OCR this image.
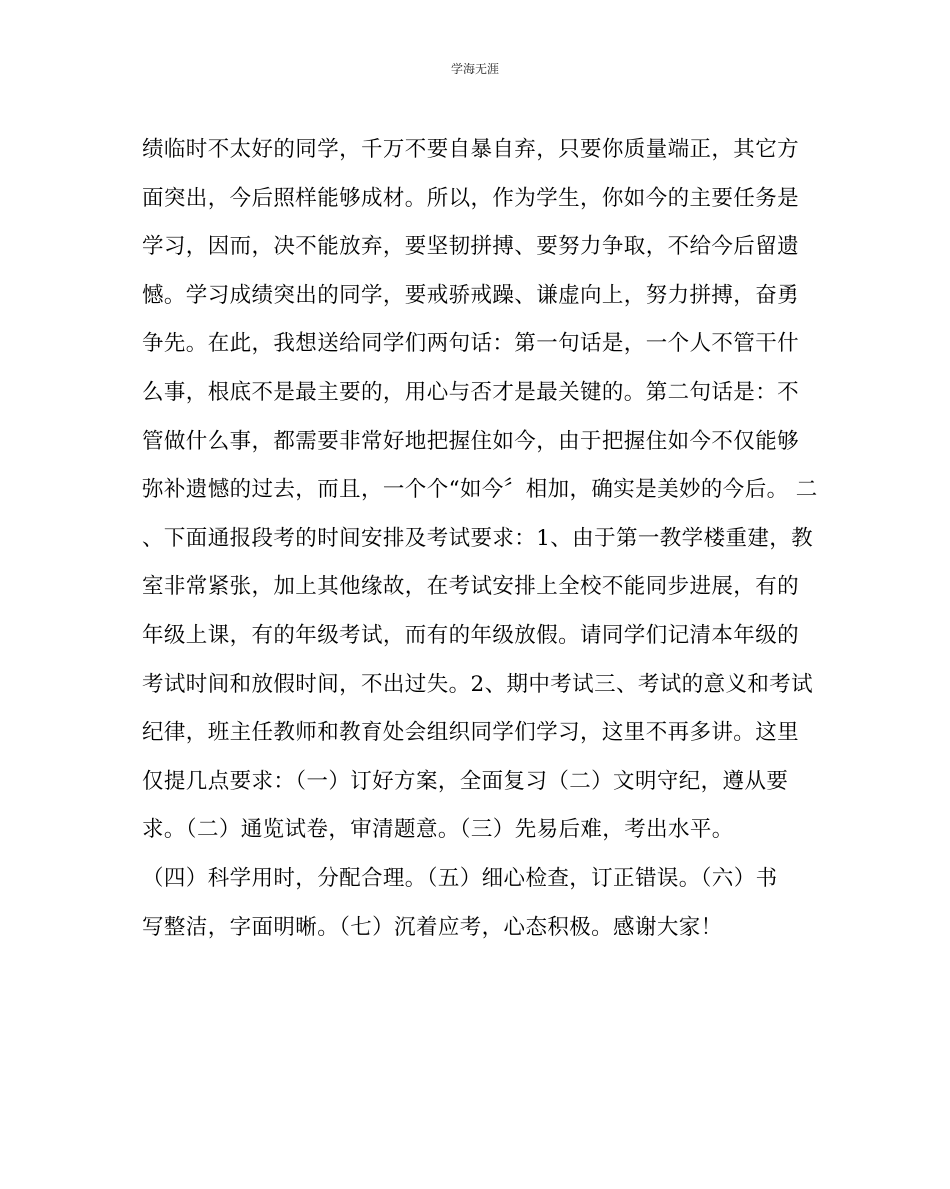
学海无涯
绩临时不太好的同学，千万不要自暴自弃，只要你质量端正，其它方
面突出，今后照样能够成材。所以，作为学生，你如今的主要任务是
学习，因而，决不能放弃，要坚韧拼搏、要努力争取，不给今后留遗
憾。学习成绩突出的同学，要戒骄戒躁、谦虚向上，努力拼搏，奋勇
争先。在此，我想送给同学们两句话：第一句话是，一个人不管干什
么事，根底不是最主要的，用心与否才是最关键的。第二句话是：不
管做什么事，都需要非常好地把握住如今，由于把握住如今不仅能够
弥补遗憾的过去，而且，一个个“如今〞相加，确实是美妙的今后。 二
、下面通报段考的时间安排及考试要求：1、由于第一教学楼重建，教
室非常紧张，加上其他缘故，在考试安排上全校不能同步进展，有的
年级上课，有的年级考试，而有的年级放假。请同学们记清本年级的
考试时间和放假时间，不出过失。2、期中考试三、考试的意义和考试
纪律，班主任教师和教育处会组织同学们学习，这里不再多讲。这里
仅提几点要求：（一）订好方案，全面复习（二）文明守纪，遵从要
求。（二）通览试卷，审清题意。（三）先易后难，考出水平。
（四）科学用时，分配合理。（五）细心检查，订正错误。（六）书
写整洁，字面明晰。（七）沉着应考，心态积极。感谢大家！
